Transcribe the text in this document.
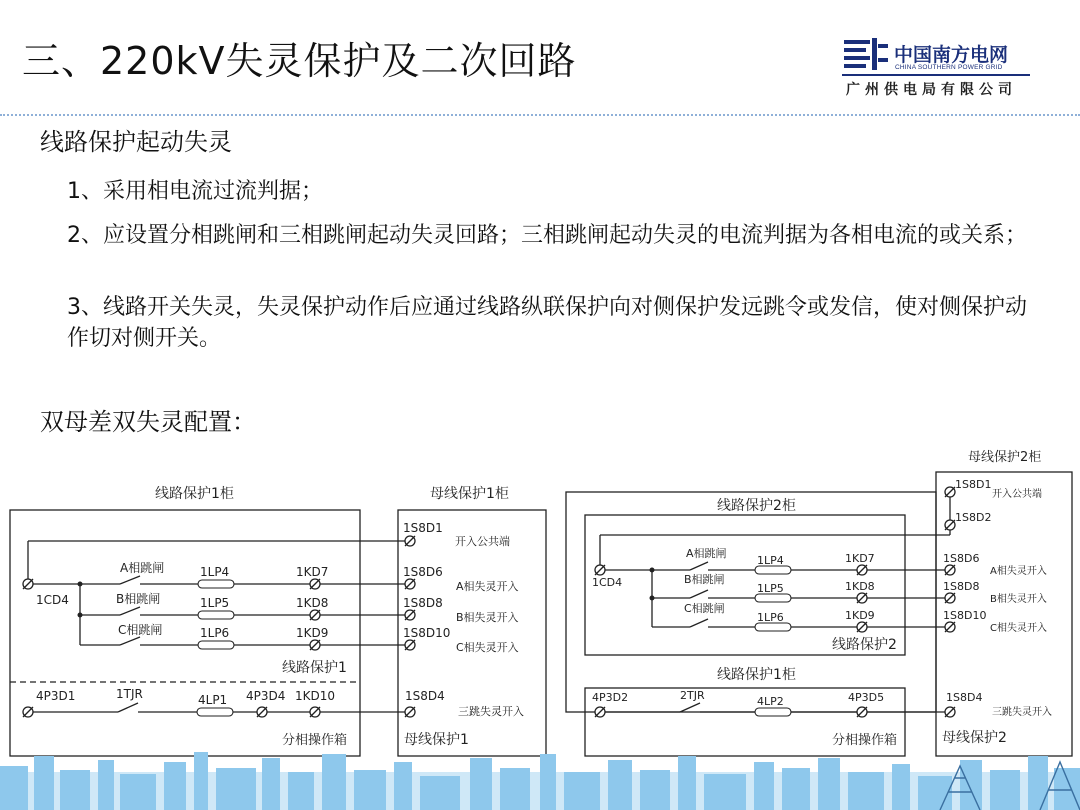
三、220kV失灵保护及二次回路	中国南方电网
CHINA SOUTHERN POWER GRID
广州供电局有限公司
线路保护起动失灵
1、采用相电流过流判据；
2、应设置分相跳闸和三相跳闸起动失灵回路；三相跳闸起动失灵的电流判据为各相电流的或关系；
3、线路开关失灵，失灵保护动作后应通过线路纵联保护向对侧保护发远跳令或发信，使对侧保护动作切对侧开关。
双母差双失灵配置：
线路保护1柜	母线保护1柜
1CD4
A相跳闸
B相跳闸
C相跳闸
1LP4
1LP5
1LP6
1KD7
1KD8
1KD9
1S8D1
开入公共端
1S8D6
1S8D8
1S8D10
A相失灵开入
B相失灵开入
C相失灵开入
线路保护1
4P3D1	1TJR	4LP1 4P3D4 1KD10	1S8D4
三跳失灵开入
分相操作箱	母线保护1
母线保护2柜
线路保护2柜
线路保护1柜
1S8D1
开入公共端
1S8D2
1CD4
A相跳闸
B相跳闸
C相跳闸
1LP4
1LP5
1LP6
1KD7
1KD8
1KD9
1S8D6
1S8D8
1S8D10
A相失灵开入
B相失灵开入
C相失灵开入
线路保护2
4P3D2	2TJR	4LP2	4P3D5	1S8D4
三跳失灵开入
分相操作箱	母线保护2
